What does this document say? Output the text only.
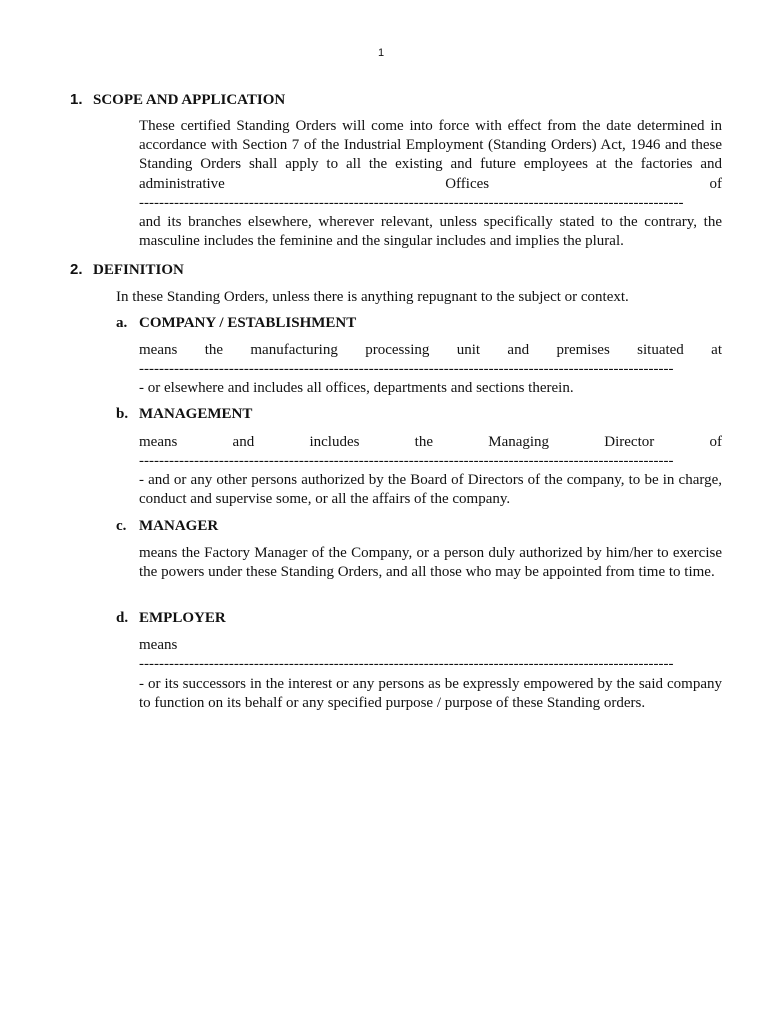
1
1. SCOPE AND APPLICATION
These certified Standing Orders will come into force with effect from the date determined in accordance with Section 7 of the Industrial Employment (Standing Orders) Act, 1946 and these Standing Orders shall apply to all the existing and future employees at the factories and
administrative	Offices	of
-------------------------------------------------------------------------------------------------------------
and its branches elsewhere, wherever relevant, unless specifically stated to the contrary, the masculine includes the feminine and the singular includes and implies the plural.
2. DEFINITION
In these Standing Orders, unless there is anything repugnant to the subject or context.
a. COMPANY / ESTABLISHMENT
means the manufacturing processing unit and premises situated at
-----------------------------------------------------------------------------------------------------------
- or elsewhere and includes all offices, departments and sections therein.
b. MANAGEMENT
means and includes the Managing Director of
-----------------------------------------------------------------------------------------------------------
- and or any other persons authorized by the Board of Directors of the company, to be in charge, conduct and supervise some, or all the affairs of the company.
c. MANAGER
means the Factory Manager of the Company, or a person duly authorized by him/her to exercise the powers under these Standing Orders, and all those who may be appointed from time to time.
d. EMPLOYER
means
-----------------------------------------------------------------------------------------------------------
- or its successors in the interest or any persons as be expressly empowered by the said company to function on its behalf or any specified purpose / purpose of these Standing orders.
